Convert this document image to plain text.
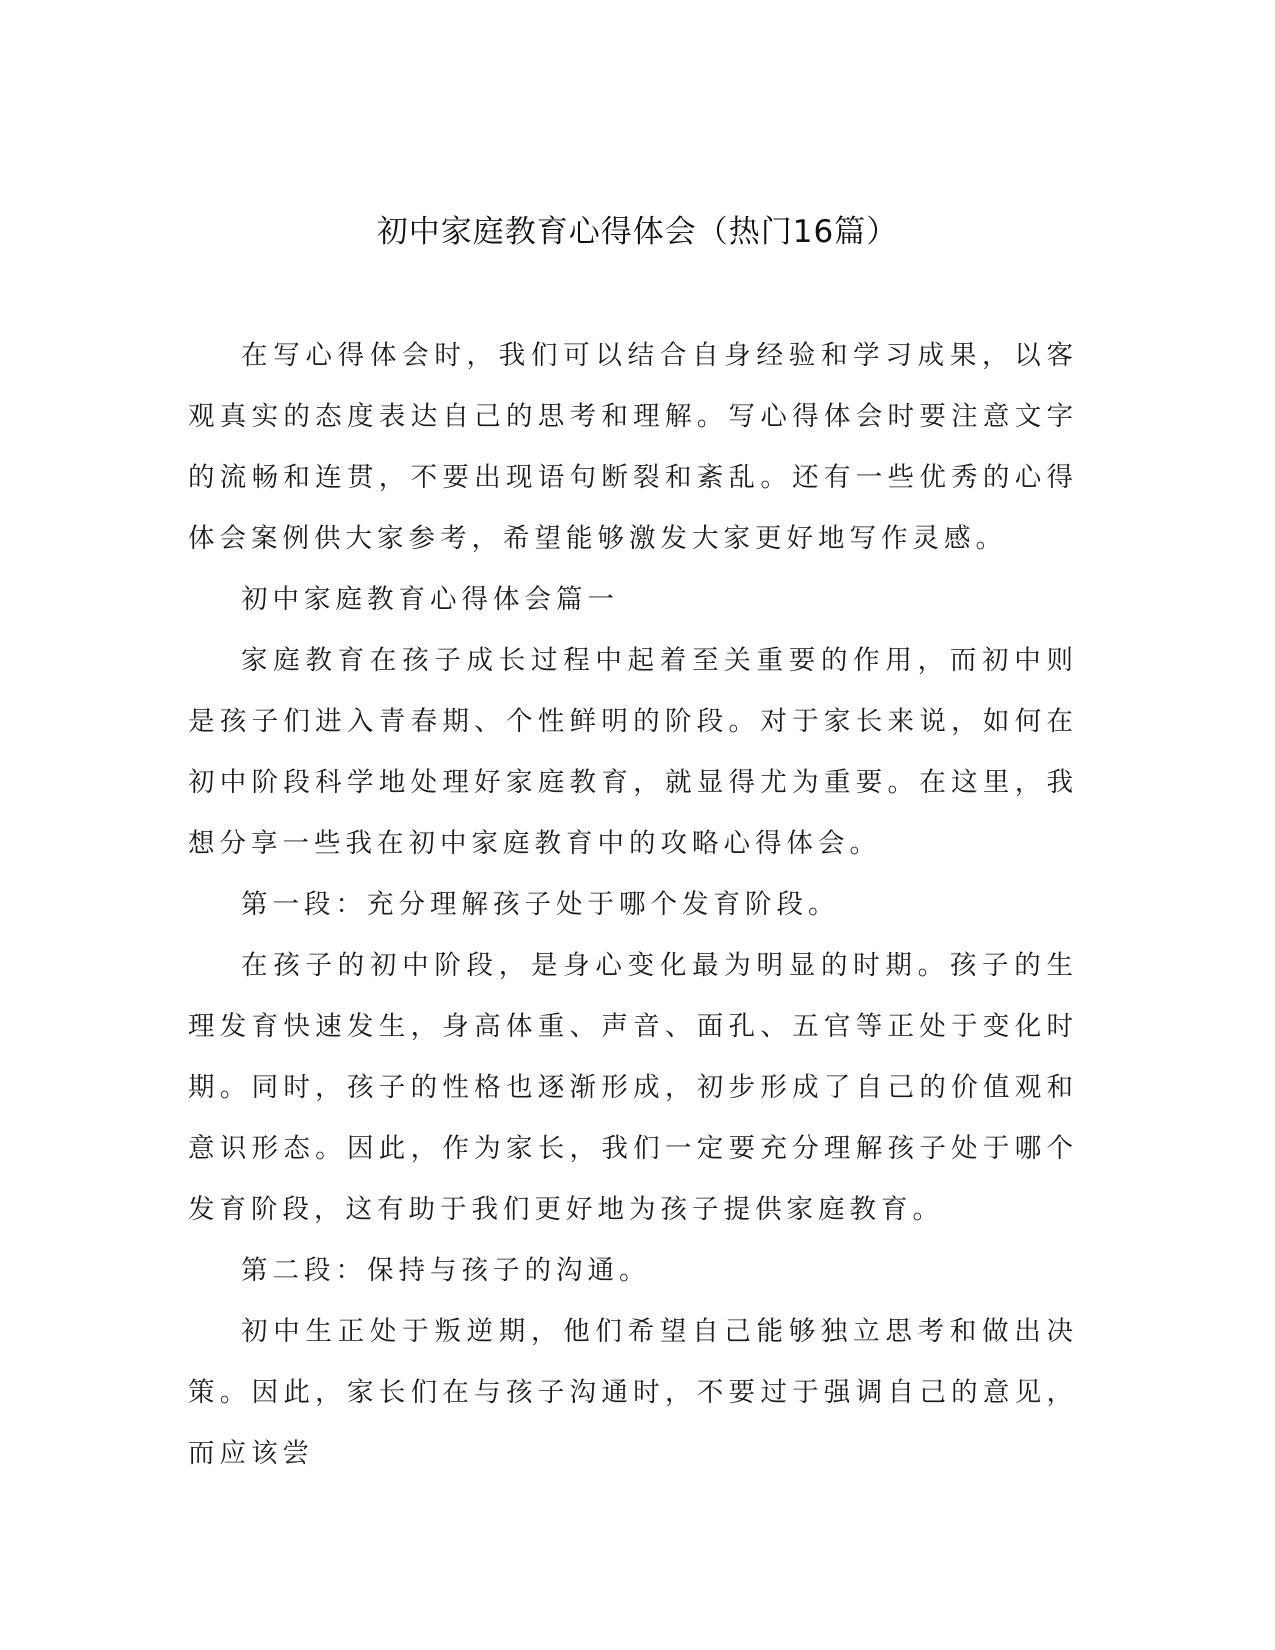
初中家庭教育心得体会（热门16篇）

在写心得体会时，我们可以结合自身经验和学习成果，以客观真实的态度表达自己的思考和理解。写心得体会时要注意文字的流畅和连贯，不要出现语句断裂和紊乱。还有一些优秀的心得体会案例供大家参考，希望能够激发大家更好地写作灵感。

初中家庭教育心得体会篇一

家庭教育在孩子成长过程中起着至关重要的作用，而初中则是孩子们进入青春期、个性鲜明的阶段。对于家长来说，如何在初中阶段科学地处理好家庭教育，就显得尤为重要。在这里，我想分享一些我在初中家庭教育中的攻略心得体会。

第一段：充分理解孩子处于哪个发育阶段。

在孩子的初中阶段，是身心变化最为明显的时期。孩子的生理发育快速发生，身高体重、声音、面孔、五官等正处于变化时期。同时，孩子的性格也逐渐形成，初步形成了自己的价值观和意识形态。因此，作为家长，我们一定要充分理解孩子处于哪个发育阶段，这有助于我们更好地为孩子提供家庭教育。

第二段：保持与孩子的沟通。

初中生正处于叛逆期，他们希望自己能够独立思考和做出决策。因此，家长们在与孩子沟通时，不要过于强调自己的意见，而应该尝
